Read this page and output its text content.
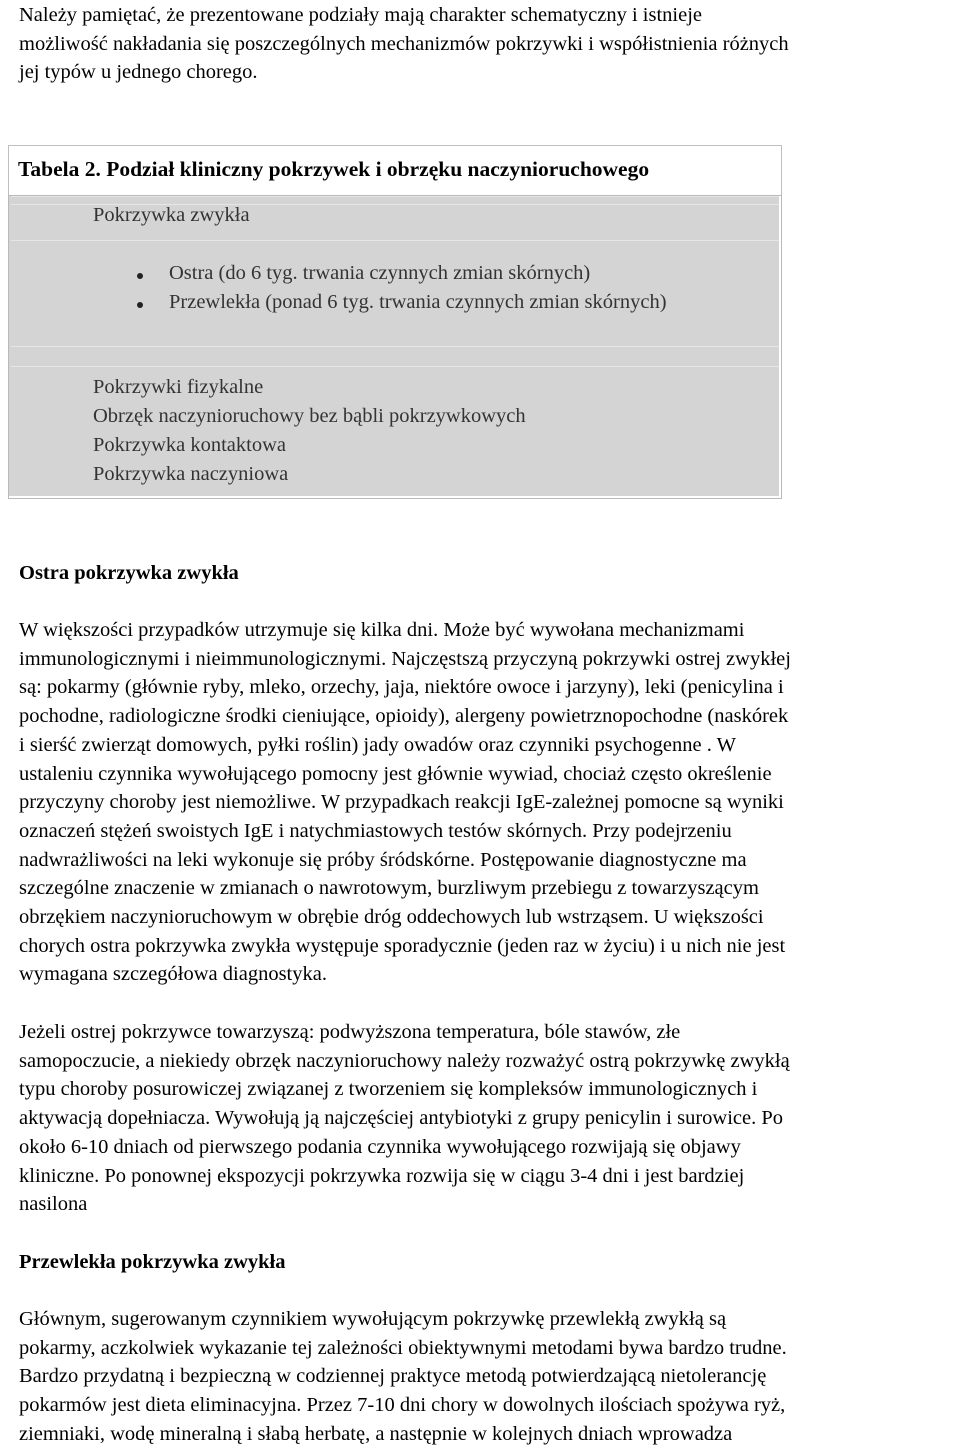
Należy pamiętać, że prezentowane podziały mają charakter schematyczny i istnieje
możliwość nakładania się poszczególnych mechanizmów pokrzywki i współistnienia różnych
jej typów u jednego chorego.

Tabela 2. Podział kliniczny pokrzywek i obrzęku naczynioruchowego
Pokrzywka zwykła
Ostra (do 6 tyg. trwania czynnych zmian skórnych)
Przewlekła (ponad 6 tyg. trwania czynnych zmian skórnych)
Pokrzywki fizykalne
Obrzęk naczynioruchowy bez bąbli pokrzywkowych
Pokrzywka kontaktowa
Pokrzywka naczyniowa
Ostra pokrzywka zwykła

W większości przypadków utrzymuje się kilka dni. Może być wywołana mechanizmami
immunologicznymi i nieimmunologicznymi. Najczęstszą przyczyną pokrzywki ostrej zwykłej
są: pokarmy (głównie ryby, mleko, orzechy, jaja, niektóre owoce i jarzyny), leki (penicylina i
pochodne, radiologiczne środki cieniujące, opioidy), alergeny powietrznopochodne (naskórek
i sierść zwierząt domowych, pyłki roślin) jady owadów oraz czynniki psychogenne . W
ustaleniu czynnika wywołującego pomocny jest głównie wywiad, chociaż często określenie
przyczyny choroby jest niemożliwe. W przypadkach reakcji IgE-zależnej pomocne są wyniki
oznaczeń stężeń swoistych IgE i natychmiastowych testów skórnych. Przy podejrzeniu
nadwrażliwości na leki wykonuje się próby śródskórne. Postępowanie diagnostyczne ma
szczególne znaczenie w zmianach o nawrotowym, burzliwym przebiegu z towarzyszącym
obrzękiem naczynioruchowym w obrębie dróg oddechowych lub wstrząsem. U większości
chorych ostra pokrzywka zwykła występuje sporadycznie (jeden raz w życiu) i u nich nie jest
wymagana szczegółowa diagnostyka.

Jeżeli ostrej pokrzywce towarzyszą: podwyższona temperatura, bóle stawów, złe
samopoczucie, a niekiedy obrzęk naczynioruchowy należy rozważyć ostrą pokrzywkę zwykłą
typu choroby posurowiczej związanej z tworzeniem się kompleksów immunologicznych i
aktywacją dopełniacza. Wywołują ją najczęściej antybiotyki z grupy penicylin i surowice. Po
około 6-10 dniach od pierwszego podania czynnika wywołującego rozwijają się objawy
kliniczne. Po ponownej ekspozycji pokrzywka rozwija się w ciągu 3-4 dni i jest bardziej
nasilona

Przewlekła pokrzywka zwykła

Głównym, sugerowanym czynnikiem wywołującym pokrzywkę przewlekłą zwykłą są
pokarmy, aczkolwiek wykazanie tej zależności obiektywnymi metodami bywa bardzo trudne.
Bardzo przydatną i bezpieczną w codziennej praktyce metodą potwierdzającą nietolerancję
pokarmów jest dieta eliminacyjna. Przez 7-10 dni chory w dowolnych ilościach spożywa ryż,
ziemniaki, wodę mineralną i słabą herbatę, a następnie w kolejnych dniach wprowadza
